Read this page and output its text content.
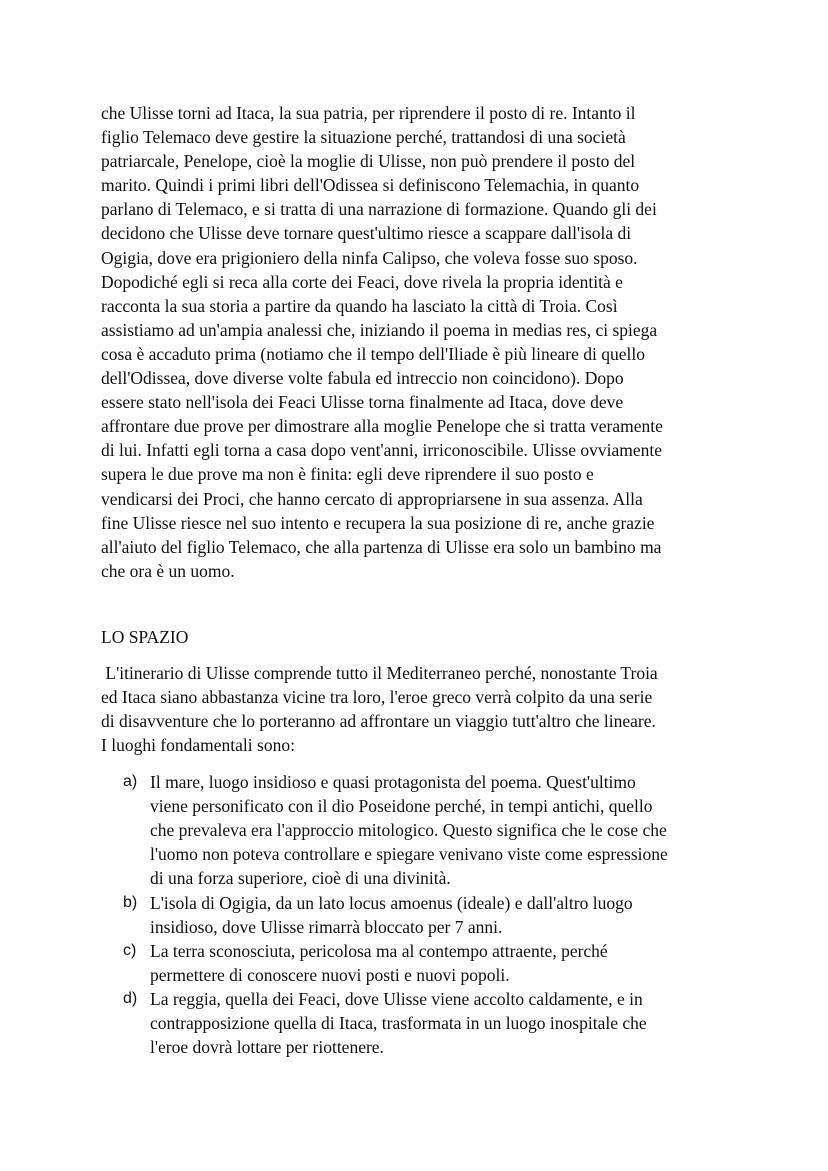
che Ulisse torni ad Itaca, la sua patria, per riprendere il posto di re. Intanto il
figlio Telemaco deve gestire la situazione perché, trattandosi di una società
patriarcale, Penelope, cioè la moglie di Ulisse, non può prendere il posto del
marito. Quindi i primi libri dell'Odissea si definiscono Telemachia, in quanto
parlano di Telemaco, e si tratta di una narrazione di formazione. Quando gli dei
decidono che Ulisse deve tornare quest'ultimo riesce a scappare dall'isola di
Ogigia, dove era prigioniero della ninfa Calipso, che voleva fosse suo sposo.
Dopodiché egli si reca alla corte dei Feaci, dove rivela la propria identità e
racconta la sua storia a partire da quando ha lasciato la città di Troia. Così
assistiamo ad un'ampia analessi che, iniziando il poema in medias res, ci spiega
cosa è accaduto prima (notiamo che il tempo dell'Iliade è più lineare di quello
dell'Odissea, dove diverse volte fabula ed intreccio non coincidono). Dopo
essere stato nell'isola dei Feaci Ulisse torna finalmente ad Itaca, dove deve
affrontare due prove per dimostrare alla moglie Penelope che si tratta veramente
di lui. Infatti egli torna a casa dopo vent'anni, irriconoscibile. Ulisse ovviamente
supera le due prove ma non è finita: egli deve riprendere il suo posto e
vendicarsi dei Proci, che hanno cercato di appropriarsene in sua assenza. Alla
fine Ulisse riesce nel suo intento e recupera la sua posizione di re, anche grazie
all'aiuto del figlio Telemaco, che alla partenza di Ulisse era solo un bambino ma
che ora è un uomo.

LO SPAZIO

L'itinerario di Ulisse comprende tutto il Mediterraneo perché, nonostante Troia
ed Itaca siano abbastanza vicine tra loro, l'eroe greco verrà colpito da una serie
di disavventure che lo porteranno ad affrontare un viaggio tutt'altro che lineare.
I luoghi fondamentali sono:

a) Il mare, luogo insidioso e quasi protagonista del poema. Quest'ultimo
viene personificato con il dio Poseidone perché, in tempi antichi, quello
che prevaleva era l'approccio mitologico. Questo significa che le cose che
l'uomo non poteva controllare e spiegare venivano viste come espressione
di una forza superiore, cioè di una divinità.
b) L'isola di Ogigia, da un lato locus amoenus (ideale) e dall'altro luogo
insidioso, dove Ulisse rimarrà bloccato per 7 anni.
c) La terra sconosciuta, pericolosa ma al contempo attraente, perché
permettere di conoscere nuovi posti e nuovi popoli.
d) La reggia, quella dei Feaci, dove Ulisse viene accolto caldamente, e in
contrapposizione quella di Itaca, trasformata in un luogo inospitale che
l'eroe dovrà lottare per riottenere.
